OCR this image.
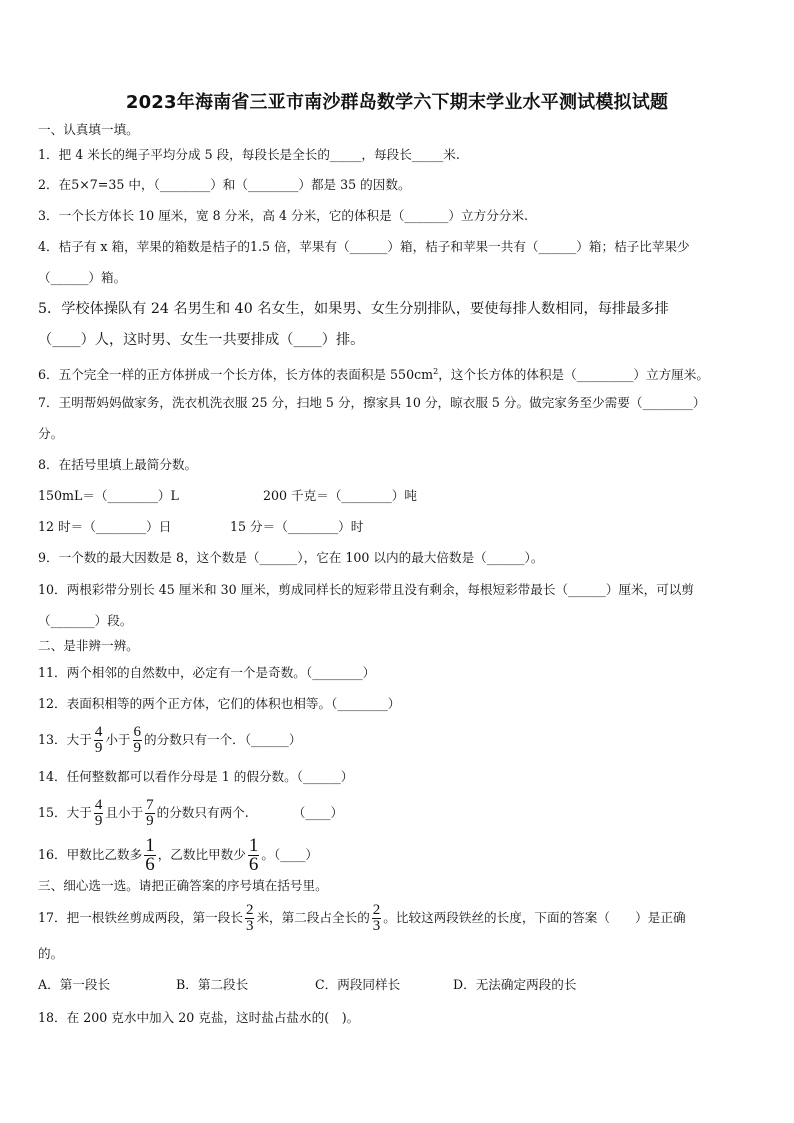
2023年海南省三亚市南沙群岛数学六下期末学业水平测试模拟试题
一、认真填一填。
1．把 4 米长的绳子平均分成 5 段，每段长是全长的_____，每段长_____米.
2．在5×7=35 中，（________）和（________）都是 35 的因数。
3．一个长方体长 10 厘米，宽 8 分米，高 4 分米，它的体积是（_______）立方分分米.
4．桔子有 x 箱，苹果的箱数是桔子的1.5 倍，苹果有（______）箱，桔子和苹果一共有（______）箱；桔子比苹果少
（______）箱。
5．学校体操队有 24 名男生和 40 名女生，如果男、女生分别排队，要使每排人数相同，每排最多排
（____）人，这时男、女生一共要排成（____）排。
6．五个完全一样的正方体拼成一个长方体，长方体的表面积是 $550cm^2$，这个长方体的体积是（_________）立方厘米。
7．王明帮妈妈做家务，洗衣机洗衣服 25 分，扫地 5 分，擦家具 10 分，晾衣服 5 分。做完家务至少需要（________）
分。
8．在括号里填上最简分数。
150mL＝（________）L	200 千克＝（________）吨
12 时＝（________）日	15 分＝（________）时
9．一个数的最大因数是 8，这个数是（______），它在 100 以内的最大倍数是（______）。
10．两根彩带分别长 45 厘米和 30 厘米，剪成同样长的短彩带且没有剩余，每根短彩带最长（______）厘米，可以剪
（_______）段。
二、是非辨一辨。
11．两个相邻的自然数中，必定有一个是奇数。（________）
12．表面积相等的两个正方体，它们的体积也相等。（________）
13．大于 $\frac{4}{9}$ 小于 $\frac{6}{9}$ 的分数只有一个．（______）
14．任何整数都可以看作分母是 1 的假分数。（______）
15．大于 $\frac{4}{9}$ 且小于 $\frac{7}{9}$ 的分数只有两个.	（____）
16．甲数比乙数多 $\frac{1}{6}$ ，乙数比甲数少 $\frac{1}{6}$ 。（____）
三、细心选一选。请把正确答案的序号填在括号里。
17．把一根铁丝剪成两段，第一段长 $\frac{2}{3}$ 米，第二段占全长的 $\frac{2}{3}$ 。比较这两段铁丝的长度，下面的答案（　　）是正确
的。
A．第一段长	B．第二段长	C．两段同样长	D．无法确定两段的长
18．在 200 克水中加入 20 克盐，这时盐占盐水的(　)。
